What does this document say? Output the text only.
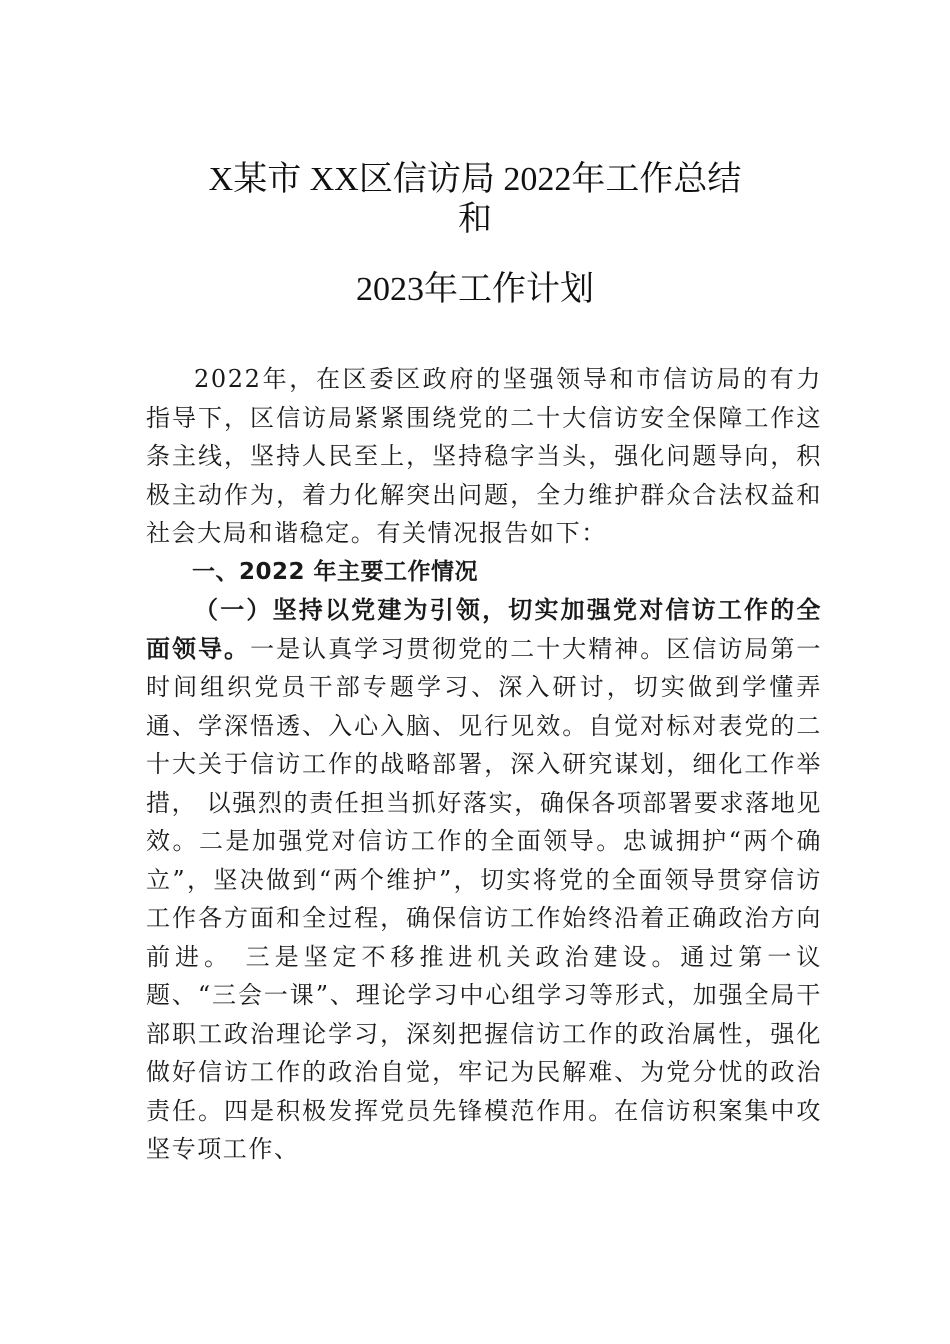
X某市 XX区信访局 2022年工作总结
和
2023年工作计划

2022年，在区委区政府的坚强领导和市信访局的有力指导下，区信访局紧紧围绕党的二十大信访安全保障工作这条主线，坚持人民至上，坚持稳字当头，强化问题导向，积极主动作为，着力化解突出问题，全力维护群众合法权益和社会大局和谐稳定。有关情况报告如下：

一、2022 年主要工作情况

（一）坚持以党建为引领，切实加强党对信访工作的全面领导。一是认真学习贯彻党的二十大精神。区信访局第一时间组织党员干部专题学习、深入研讨，切实做到学懂弄通、学深悟透、入心入脑、见行见效。自觉对标对表党的二十大关于信访工作的战略部署，深入研究谋划，细化工作举措， 以强烈的责任担当抓好落实，确保各项部署要求落地见效。二是加强党对信访工作的全面领导。忠诚拥护“两个确立”，坚决做到“两个维护”，切实将党的全面领导贯穿信访工作各方面和全过程，确保信访工作始终沿着正确政治方向前进。 三是坚定不移推进机关政治建设。通过第一议题、“三会一课”、理论学习中心组学习等形式，加强全局干部职工政治理论学习，深刻把握信访工作的政治属性，强化做好信访工作的政治自觉，牢记为民解难、为党分忧的政治责任。四是积极发挥党员先锋模范作用。在信访积案集中攻坚专项工作、
